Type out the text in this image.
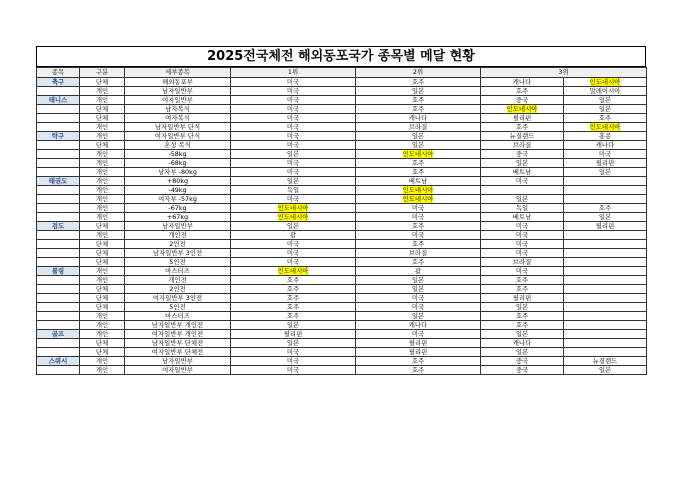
2025전국체전 해외동포국가 종목별 메달 현황
종목	구분	세부종목	1위	2위	3위	
축구	단체	해외동포부	미국	호주	캐나다	인도네시아
	개인	남자일반부	미국	일본	호주	말레이시아
테니스	개인	여자일반부	미국	호주	중국	일본
	단체	남자복식	미국	호주	인도네시아	일본
	단체	여자복식	미국	캐나다	필리핀	호주
	개인	남자일반부 단식	미국	브라질	호주	인도네시아
탁구	개인	여자일반부 단식	미국	일본	뉴질랜드	홍콩
	단체	혼성 복식	미국	일본	브라질	캐나다
	개인	-58kg	일본	인도네시아	중국	미국
	개인	-68kg	미국	호주	일본	필리핀
	개인	남자부 -80kg	미국	호주	베트남	일본
태권도	개인	+80kg	일본	베트남	미국	
	개인	-49kg	독일	인도네시아		
	개인	여자부 -57kg	미국	인도네시아	일본	
	개인	-67kg	인도네시아	미국	독일	호주
	개인	+67kg	인도네시아	미국	베트남	일본
검도	단체	남자일반부	일본	호주	미국	필리핀
	개인	개인전	괌	미국	미국	
	단체	2인전	미국	호주	미국	
	단체	남자일반부 3인전	미국	브라질	미국	
	단체	5인전	미국	호주	브라질	
볼링	개인	마스터즈	인도네시아	괌	미국	
	개인	개인전	호주	일본	호주	
	단체	2인전	호주	일본	호주	
	단체	여자일반부 3인전	호주	미국	필리핀	
	단체	5인전	호주	미국	일본	
	개인	마스터즈	호주	일본	호주	
	개인	남자일반부 개인전	일본	캐나다	호주	
골프	개인	여자일반부 개인전	필리핀	미국	일본	
	단체	남자일반부 단체전	일본	필리핀	캐나다	
	단체	여자일반부 단체전	미국	필리핀	일본	
스쿼시	개인	남자일반부	미국	호주	중국	뉴질랜드
	개인	여자일반부	미국	호주	중국	일본
